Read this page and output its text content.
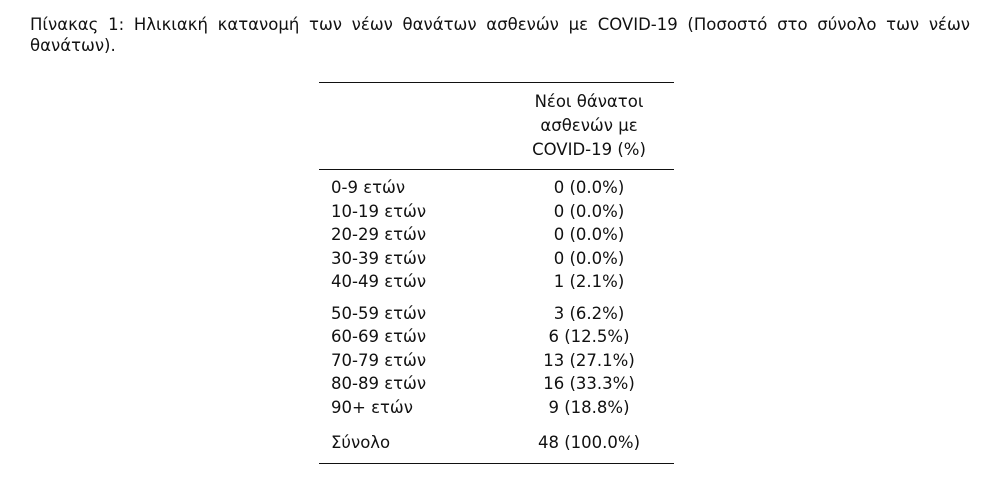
Πίνακας 1: Ηλικιακή κατανομή των νέων θανάτων ασθενών με COVID-19 (Ποσοστό στο σύνολο των νέων θανάτων).

Νέοι θάνατοι
ασθενών με
COVID-19 (%)
0-9 ετών	0 (0.0%)
10-19 ετών	0 (0.0%)
20-29 ετών	0 (0.0%)
30-39 ετών	0 (0.0%)
40-49 ετών	1 (2.1%)
50-59 ετών	3 (6.2%)
60-69 ετών	6 (12.5%)
70-79 ετών	13 (27.1%)
80-89 ετών	16 (33.3%)
90+ ετών	9 (18.8%)
Σύνολο	48 (100.0%)
